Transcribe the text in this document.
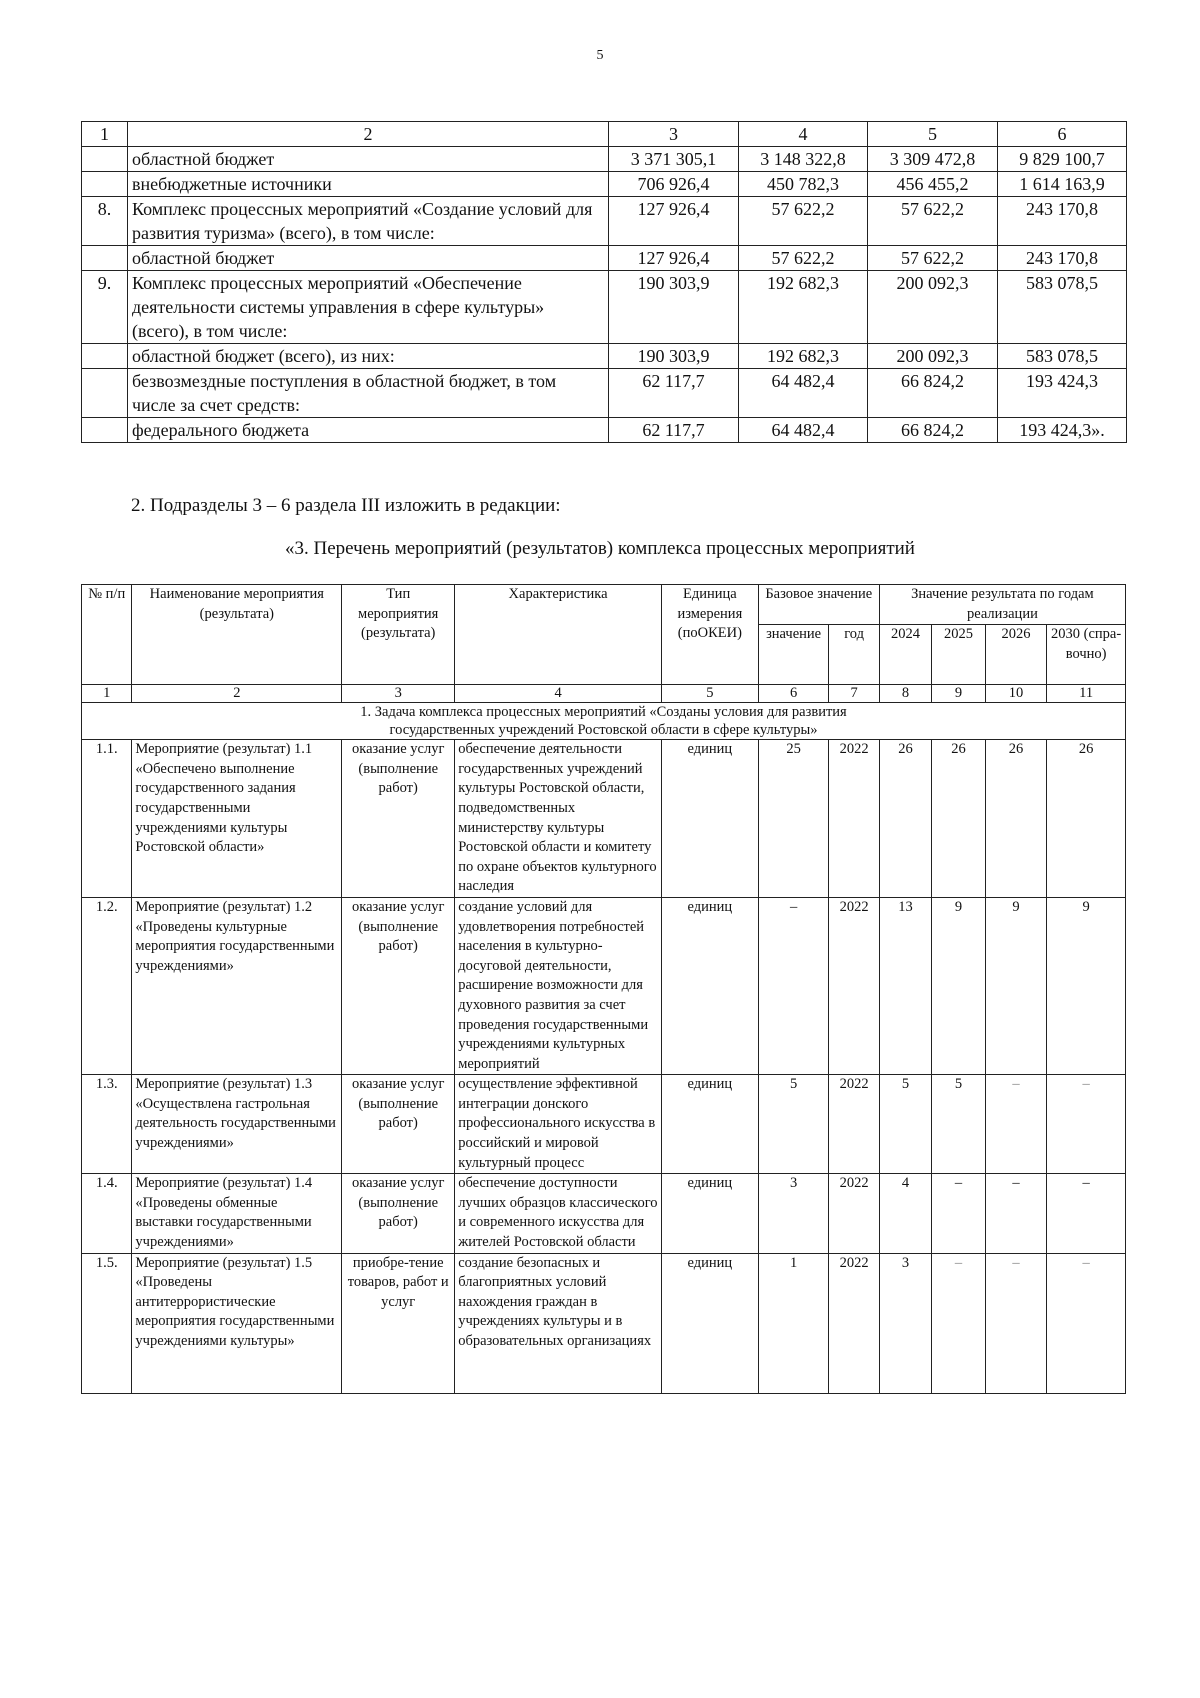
5
1	2	3	4	5	6
	областной бюджет	3 371 305,1	3 148 322,8	3 309 472,8	9 829 100,7
	внебюджетные источники	706 926,4	450 782,3	456 455,2	1 614 163,9
8.	Комплекс процессных мероприятий «Создание условий для развития туризма» (всего), в том числе:	127 926,4	57 622,2	57 622,2	243 170,8
	областной бюджет	127 926,4	57 622,2	57 622,2	243 170,8
9.	Комплекс процессных мероприятий «Обеспечение деятельности системы управления в сфере культуры» (всего), в том числе:	190 303,9	192 682,3	200 092,3	583 078,5
	областной бюджет (всего), из них:	190 303,9	192 682,3	200 092,3	583 078,5
	безвозмездные поступления в областной бюджет, в том числе за счет средств:	62 117,7	64 482,4	66 824,2	193 424,3
	федерального бюджета	62 117,7	64 482,4	66 824,2	193 424,3».
2. Подразделы 3 – 6 раздела III изложить в редакции:
«3. Перечень мероприятий (результатов) комплекса процессных мероприятий
№ п/п	Наименование мероприятия (результата)	Тип мероприятия (результата)	Характеристика	Единица измерения (поОКЕИ)	Базовое значение		Значение результата по годам реализации			
					значение	год	2024	2025	2026	2030 (спра-вочно)
1	2	3	4	5	6	7	8	9	10	11
1. Задача комплекса процессных мероприятий «Созданы условия для развития государственных учреждений Ростовской области в сфере культуры»										
1.1.	Мероприятие (результат) 1.1 «Обеспечено выполнение государственного задания государственными учреждениями культуры Ростовской области»	оказание услуг (выполнение работ)	обеспечение деятельности государственных учреждений культуры Ростовской области, подведомственных министерству культуры Ростовской области и комитету по охране объектов культурного наследия	единиц	25	2022	26	26	26	26
1.2.	Мероприятие (результат) 1.2 «Проведены культурные мероприятия государственными учреждениями»	оказание услуг (выполнение работ)	создание условий для удовлетворения потребностей населения в культурно-досуговой деятельности, расширение возможности для духовного развития за счет проведения государственными учреждениями культурных мероприятий	единиц	–	2022	13	9	9	9
1.3.	Мероприятие (результат) 1.3 «Осуществлена гастрольная деятельность государственными учреждениями»	оказание услуг (выполнение работ)	осуществление эффективной интеграции донского профессионального искусства в российский и мировой культурный процесс	единиц	5	2022	5	5	–	–
1.4.	Мероприятие (результат) 1.4 «Проведены обменные выставки государственными учреждениями»	оказание услуг (выполнение работ)	обеспечение доступности лучших образцов классического и современного искусства для жителей Ростовской области	единиц	3	2022	4	–	–	–
1.5.	Мероприятие (результат) 1.5 «Проведены антитеррористические мероприятия государственными учреждениями культуры»	приобре-тение товаров, работ и услуг	создание безопасных и благоприятных условий нахождения граждан в учреждениях культуры и в образовательных организациях	единиц	1	2022	3	–	–	–
